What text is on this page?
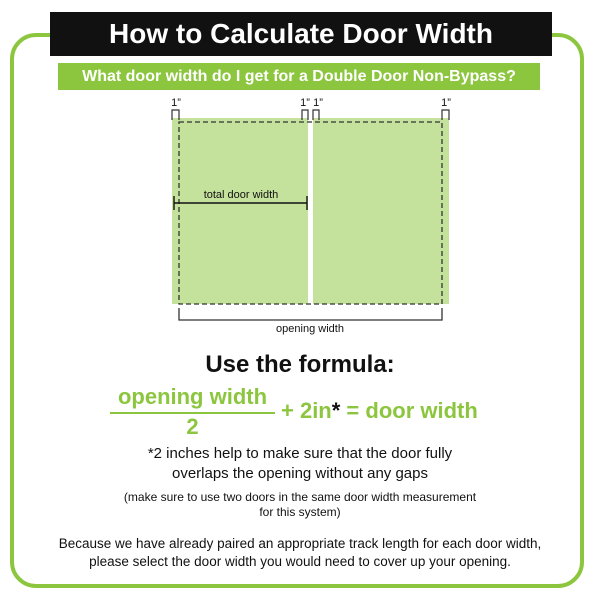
How to Calculate Door Width
What door width do I get for a Double Door Non-Bypass?
1”	1” 1”	1”
total door width
opening width
Use the formula:
opening width
2
+ 2in* = door width
*2 inches help to make sure that the door fully
overlaps the opening without any gaps
(make sure to use two doors in the same door width measurement
for this system)
Because we have already paired an appropriate track length for each door width,
please select the door width you would need to cover up your opening.
